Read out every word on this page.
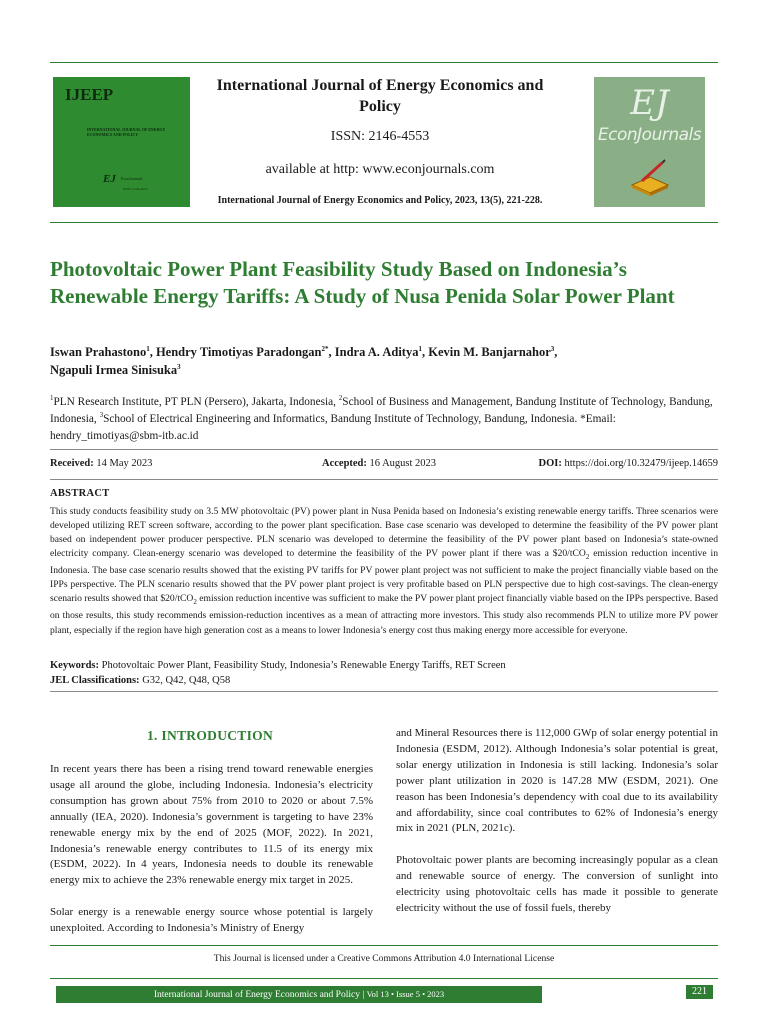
IJEEP
INTERNATIONAL JOURNAL OF ENERGY ECONOMICS AND POLICY
EJ EconJournals
ISSN: 2146-4553
International Journal of Energy Economics and Policy
ISSN: 2146-4553
available at http: www.econjournals.com
International Journal of Energy Economics and Policy, 2023, 13(5), 221-228.
EJ
EconJournals
Photovoltaic Power Plant Feasibility Study Based on Indonesia’s Renewable Energy Tariffs: A Study of Nusa Penida Solar Power Plant
Iswan Prahastono$^1$, Hendry Timotiyas Paradongan$^{2*}$, Indra A. Aditya$^1$, Kevin M. Banjarnahor$^3$,
Ngapuli Irmea Sinisuka$^3$
$^1$PLN Research Institute, PT PLN (Persero), Jakarta, Indonesia, $^2$School of Business and Management, Bandung Institute of Technology, Bandung, Indonesia, $^3$School of Electrical Engineering and Informatics, Bandung Institute of Technology, Bandung, Indonesia. *Email: hendry_timotiyas@sbm-itb.ac.id
Received: 14 May 2023	Accepted: 16 August 2023	DOI: https://doi.org/10.32479/ijeep.14659
ABSTRACT
This study conducts feasibility study on 3.5 MW photovoltaic (PV) power plant in Nusa Penida based on Indonesia’s existing renewable energy tariffs. Three scenarios were developed utilizing RET screen software, according to the power plant specification. Base case scenario was developed to determine the feasibility of the PV power plant based on independent power producer perspective. PLN scenario was developed to determine the feasibility of the PV power plant based on Indonesia’s state-owned electricity company. Clean-energy scenario was developed to determine the feasibility of the PV power plant if there was a $20/tCO$_2$ emission reduction incentive in Indonesia. The base case scenario results showed that the existing PV tariffs for PV power plant project was not sufficient to make the project financially viable based on the IPPs perspective. The PLN scenario results showed that the PV power plant project is very profitable based on PLN perspective due to high cost-savings. The clean-energy scenario results showed that $20/tCO$_2$ emission reduction incentive was sufficient to make the PV power plant project financially viable based on the IPPs perspective. Based on those results, this study recommends emission-reduction incentives as a mean of attracting more investors. This study also recommends PLN to utilize more PV power plant, especially if the region have high generation cost as a means to lower Indonesia’s energy cost thus making energy more accessible for everyone.
Keywords: Photovoltaic Power Plant, Feasibility Study, Indonesia’s Renewable Energy Tariffs, RET Screen
JEL Classifications: G32, Q42, Q48, Q58
1. INTRODUCTION

In recent years there has been a rising trend toward renewable energies usage all around the globe, including Indonesia. Indonesia’s electricity consumption has grown about 75% from 2010 to 2020 or about 7.5% annually (IEA, 2020). Indonesia’s government is targeting to have 23% renewable energy mix by the end of 2025 (MOF, 2022). In 2021, Indonesia’s renewable energy contributes to 11.5 of its energy mix (ESDM, 2022). In 4 years, Indonesia needs to double its renewable energy mix to achieve the 23% renewable energy mix target in 2025.

Solar energy is a renewable energy source whose potential is largely unexploited. According to Indonesia’s Ministry of Energy

and Mineral Resources there is 112,000 GWp of solar energy potential in Indonesia (ESDM, 2012). Although Indonesia’s solar potential is great, solar energy utilization in Indonesia is still lacking. Indonesia’s solar power plant utilization in 2020 is 147.28 MW (ESDM, 2021). One reason has been Indonesia’s dependency with coal due to its availability and affordability, since coal contributes to 62% of Indonesia’s energy mix in 2021 (PLN, 2021c).

Photovoltaic power plants are becoming increasingly popular as a clean and renewable source of energy. The conversion of sunlight into electricity using photovoltaic cells has made it possible to generate electricity without the use of fossil fuels, thereby

This Journal is licensed under a Creative Commons Attribution 4.0 International License
International Journal of Energy Economics and Policy | Vol 13 • Issue 5 • 2023	221
